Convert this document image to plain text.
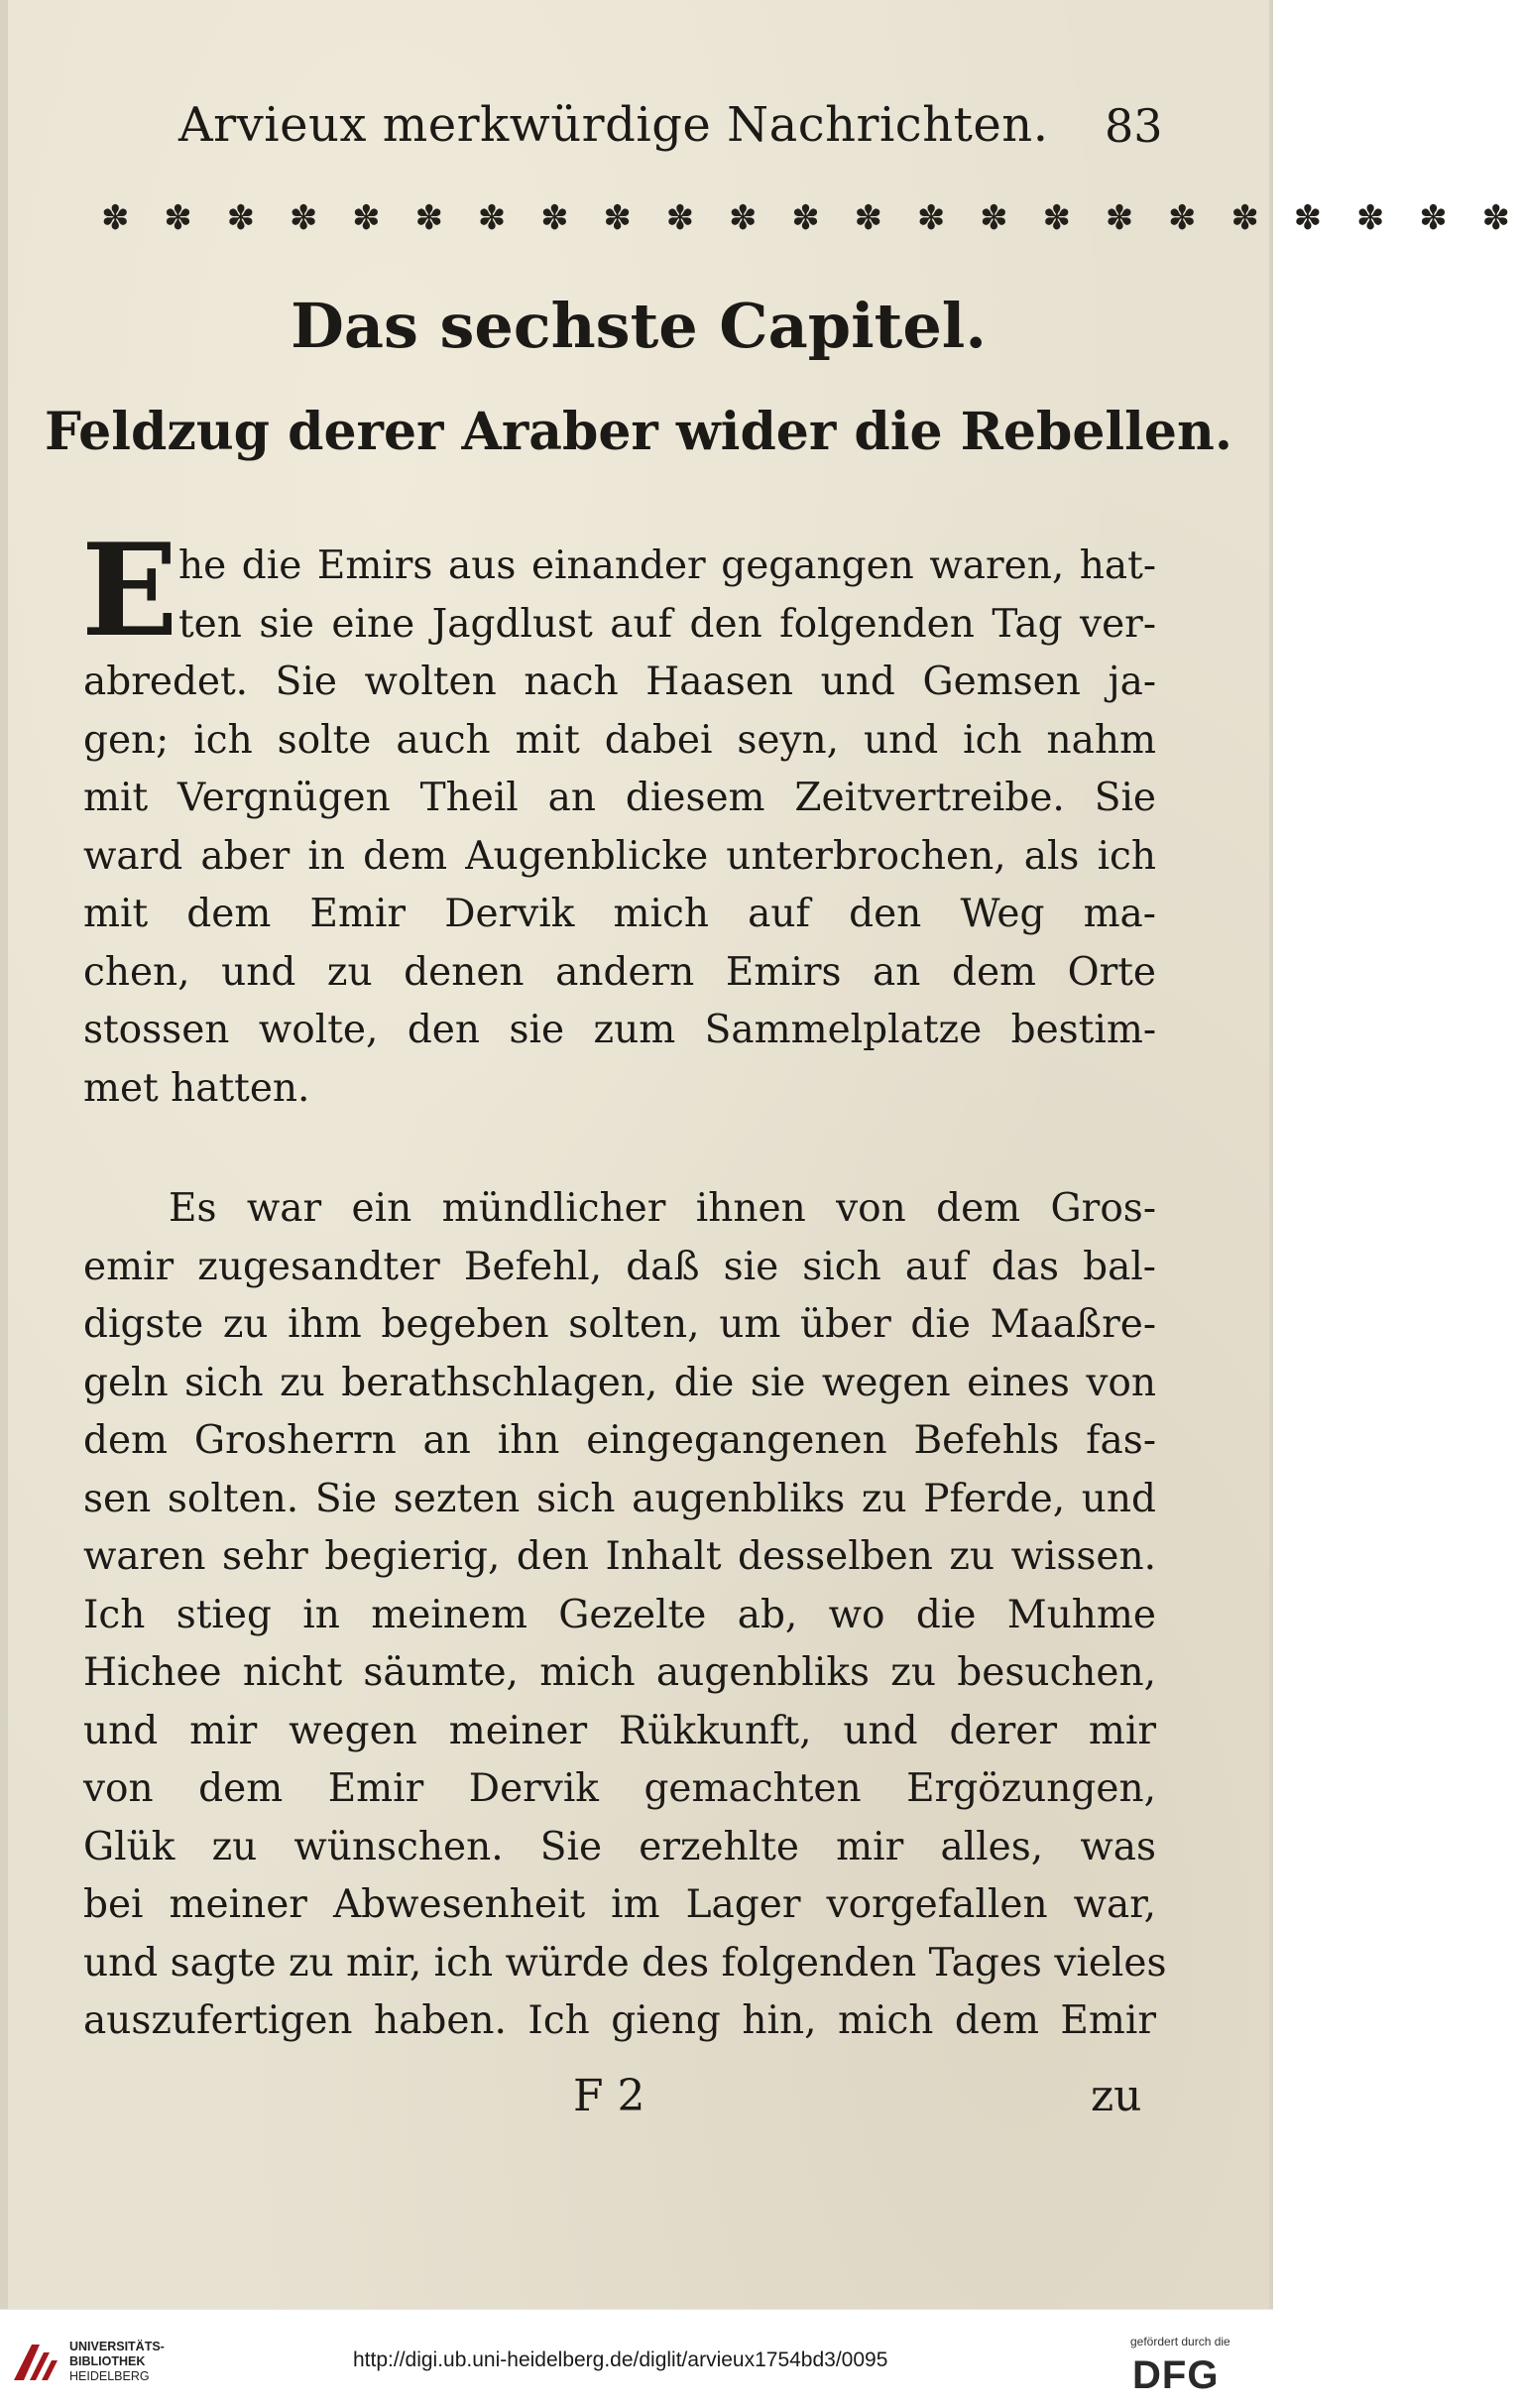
Arvieux merkwürdige Nachrichten. 83
✽ ✽ ✽ ✽ ✽ ✽ ✽ ✽ ✽ ✽ ✽ ✽ ✽ ✽ ✽ ✽ ✽ ✽ ✽ ✽ ✽ ✽ ✽
Das sechste Capitel.
Feldzug derer Araber wider die Rebellen.
E he die Emirs aus einander gegangen waren, hat-
ten sie eine Jagdlust auf den folgenden Tag ver-
abredet. Sie wolten nach Haasen und Gemsen ja-
gen; ich solte auch mit dabei seyn, und ich nahm
mit Vergnügen Theil an diesem Zeitvertreibe. Sie
ward aber in dem Augenblicke unterbrochen, als ich
mit dem Emir Dervik mich auf den Weg ma-
chen, und zu denen andern Emirs an dem Orte
stossen wolte, den sie zum Sammelplatze bestim-
met hatten.
Es war ein mündlicher ihnen von dem Gros-
emir zugesandter Befehl, daß sie sich auf das bal-
digste zu ihm begeben solten, um über die Maaßre-
geln sich zu berathschlagen, die sie wegen eines von
dem Grosherrn an ihn eingegangenen Befehls fas-
sen solten. Sie sezten sich augenbliks zu Pferde, und
waren sehr begierig, den Inhalt desselben zu wissen.
Ich stieg in meinem Gezelte ab, wo die Muhme
Hichee nicht säumte, mich augenbliks zu besuchen,
und mir wegen meiner Rükkunft, und derer mir
von dem Emir Dervik gemachten Ergözungen,
Glük zu wünschen. Sie erzehlte mir alles, was
bei meiner Abwesenheit im Lager vorgefallen war,
und sagte zu mir, ich würde des folgenden Tages vieles
auszufertigen haben. Ich gieng hin, mich dem Emir
F 2	zu
UNIVERSITÄTS-
BIBLIOTHEK
HEIDELBERG
http://digi.ub.uni-heidelberg.de/diglit/arvieux1754bd3/0095
gefördert durch die
DFG
